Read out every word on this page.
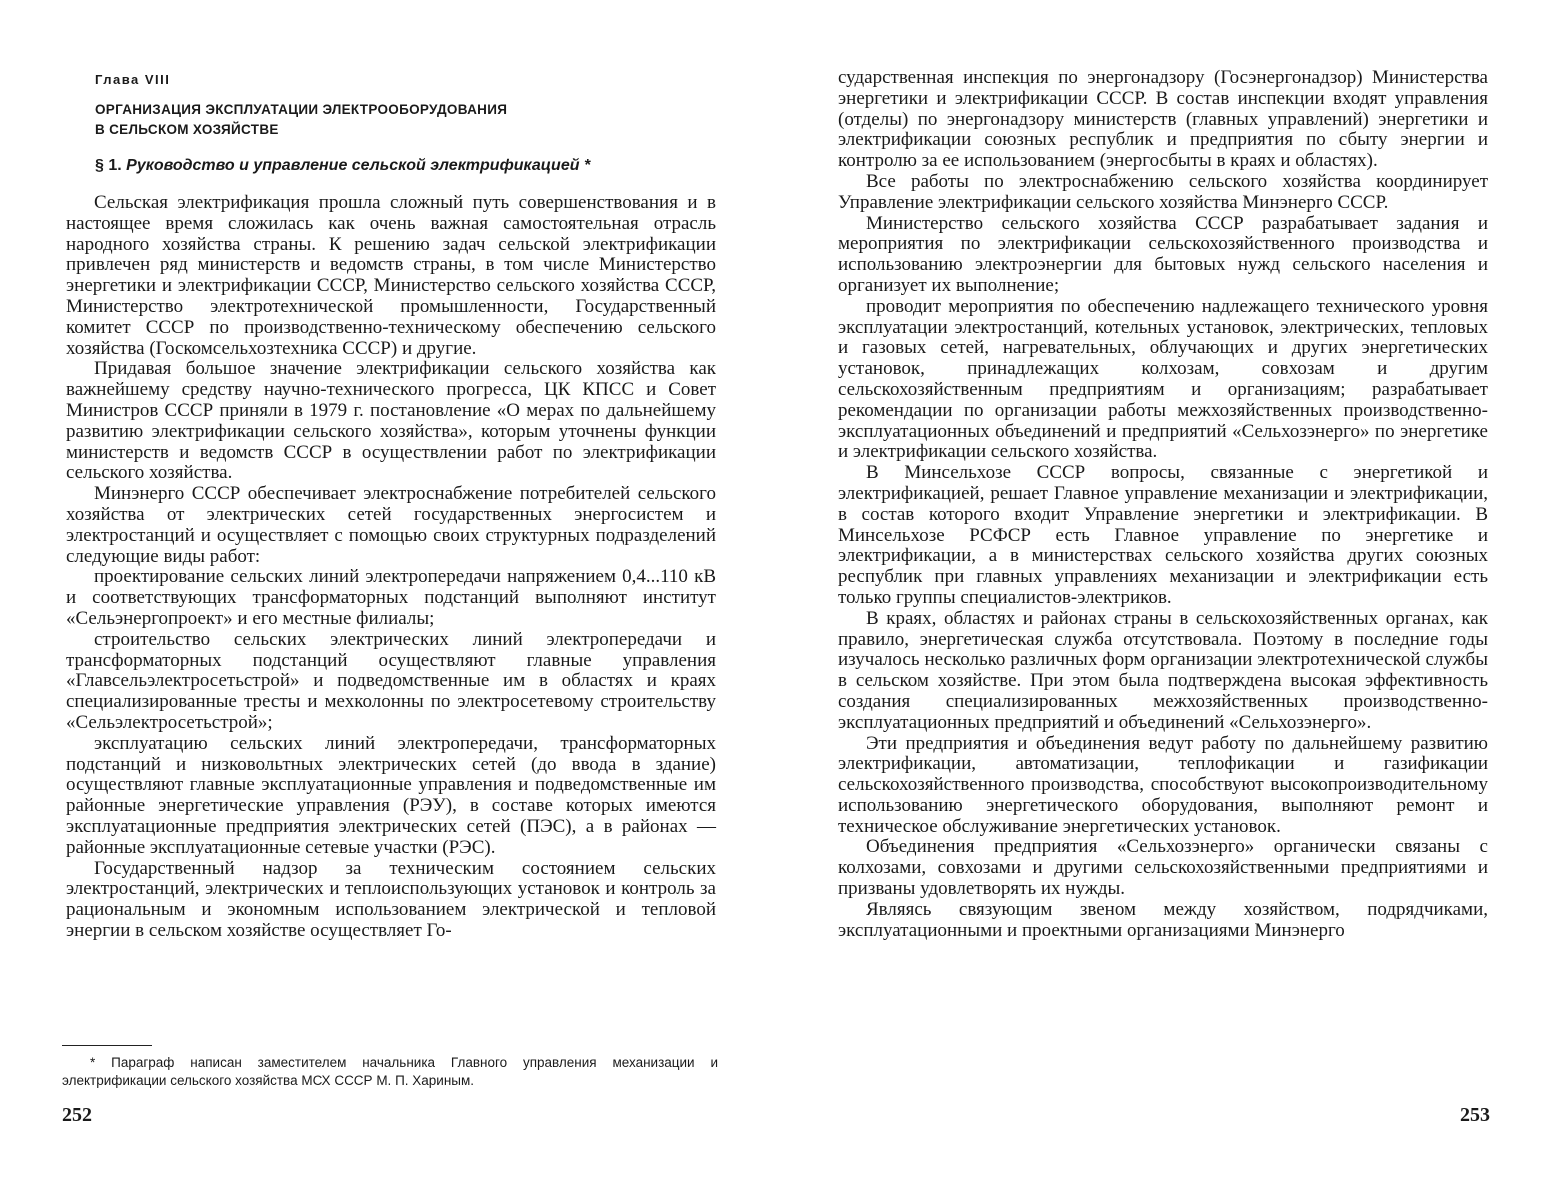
Глава VIII
ОРГАНИЗАЦИЯ ЭКСПЛУАТАЦИИ ЭЛЕКТРООБОРУДОВАНИЯ
В СЕЛЬСКОМ ХОЗЯЙСТВЕ
§ 1. Руководство и управление сельской электрификацией *

Сельская электрификация прошла сложный путь совершенствования и в настоящее время сложилась как очень важная самостоятельная отрасль народного хозяйства страны. К решению задач сельской электрификации привлечен ряд министерств и ведомств страны, в том числе Министерство энергетики и электрификации СССР, Министерство сельского хозяйства СССР, Министерство электротехнической промышленности, Государственный комитет СССР по производственно-техническому обеспечению сельского хозяйства (Госкомсельхозтехника СССР) и другие.

Придавая большое значение электрификации сельского хозяйства как важнейшему средству научно-технического прогресса, ЦК КПСС и Совет Министров СССР приняли в 1979 г. постановление «О мерах по дальнейшему развитию электрификации сельского хозяйства», которым уточнены функции министерств и ведомств СССР в осуществлении работ по электрификации сельского хозяйства.

Минэнерго СССР обеспечивает электроснабжение потребителей сельского хозяйства от электрических сетей государственных энергосистем и электростанций и осуществляет с помощью своих структурных подразделений следующие виды работ:

проектирование сельских линий электропередачи напряжением 0,4...110 кВ и соответствующих трансформаторных подстанций выполняют институт «Сельэнергопроект» и его местные филиалы;

строительство сельских электрических линий электропередачи и трансформаторных подстанций осуществляют главные управления «Главсельэлектросетьстрой» и подведомственные им в областях и краях специализированные тресты и мехколонны по электросетевому строительству «Сельэлектросетьстрой»;

эксплуатацию сельских линий электропередачи, трансформаторных подстанций и низковольтных электрических сетей (до ввода в здание) осуществляют главные эксплуатационные управления и подведомственные им районные энергетические управления (РЭУ), в составе которых имеются эксплуатационные предприятия электрических сетей (ПЭС), а в районах — районные эксплуатационные сетевые участки (РЭС).

Государственный надзор за техническим состоянием сельских электростанций, электрических и теплоиспользующих установок и контроль за рациональным и экономным использованием электрической и тепловой энергии в сельском хозяйстве осуществляет Го-

* Параграф написан заместителем начальника Главного управления механизации и электрификации сельского хозяйства МСХ СССР М. П. Хариным.
252

сударственная инспекция по энергонадзору (Госэнергонадзор) Министерства энергетики и электрификации СССР. В состав инспекции входят управления (отделы) по энергонадзору министерств (главных управлений) энергетики и электрификации союзных республик и предприятия по сбыту энергии и контролю за ее использованием (энергосбыты в краях и областях).

Все работы по электроснабжению сельского хозяйства координирует Управление электрификации сельского хозяйства Минэнерго СССР.

Министерство сельского хозяйства СССР разрабатывает задания и мероприятия по электрификации сельскохозяйственного производства и использованию электроэнергии для бытовых нужд сельского населения и организует их выполнение;

проводит мероприятия по обеспечению надлежащего технического уровня эксплуатации электростанций, котельных установок, электрических, тепловых и газовых сетей, нагревательных, облучающих и других энергетических установок, принадлежащих колхозам, совхозам и другим сельскохозяйственным предприятиям и организациям; разрабатывает рекомендации по организации работы межхозяйственных производственно-эксплуатационных объединений и предприятий «Сельхозэнерго» по энергетике и электрификации сельского хозяйства.

В Минсельхозе СССР вопросы, связанные с энергетикой и электрификацией, решает Главное управление механизации и электрификации, в состав которого входит Управление энергетики и электрификации. В Минсельхозе РСФСР есть Главное управление по энергетике и электрификации, а в министерствах сельского хозяйства других союзных республик при главных управлениях механизации и электрификации есть только группы специалистов-электриков.

В краях, областях и районах страны в сельскохозяйственных органах, как правило, энергетическая служба отсутствовала. Поэтому в последние годы изучалось несколько различных форм организации электротехнической службы в сельском хозяйстве. При этом была подтверждена высокая эффективность создания специализированных межхозяйственных производственно-эксплуатационных предприятий и объединений «Сельхозэнерго».

Эти предприятия и объединения ведут работу по дальнейшему развитию электрификации, автоматизации, теплофикации и газификации сельскохозяйственного производства, способствуют высокопроизводительному использованию энергетического оборудования, выполняют ремонт и техническое обслуживание энергетических установок.

Объединения предприятия «Сельхозэнерго» органически связаны с колхозами, совхозами и другими сельскохозяйственными предприятиями и призваны удовлетворять их нужды.

Являясь связующим звеном между хозяйством, подрядчиками, эксплуатационными и проектными организациями Минэнерго

253
